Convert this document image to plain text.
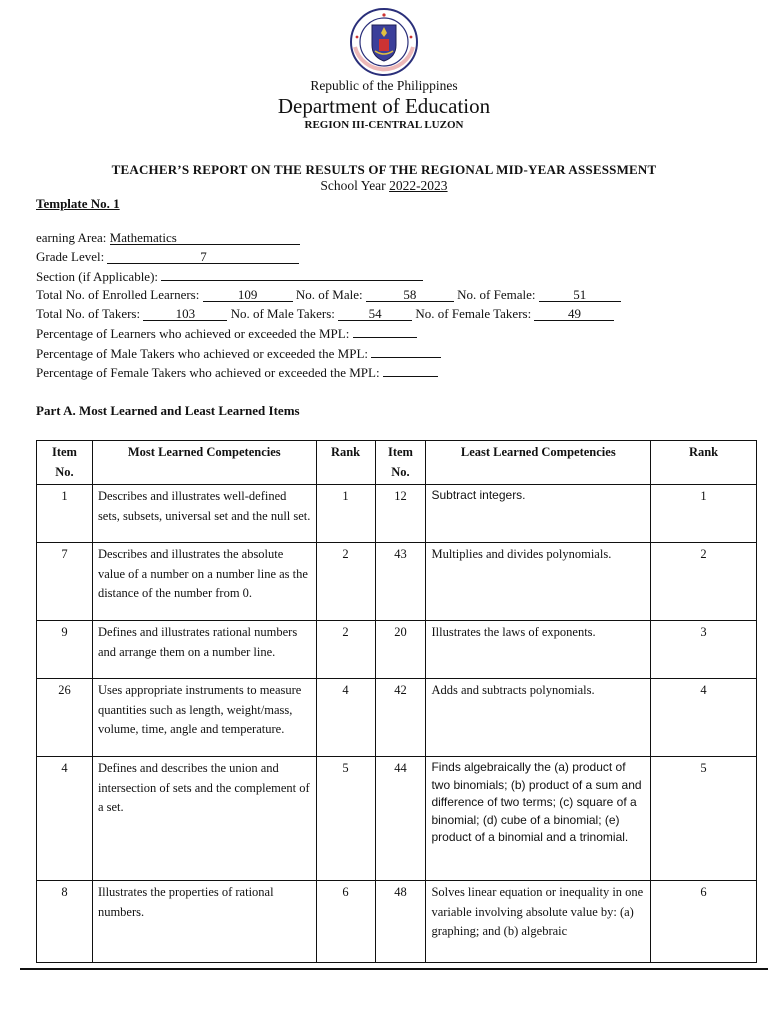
Republic of the Philippines
Department of Education
REGION III-CENTRAL LUZON
TEACHER’S REPORT ON THE RESULTS OF THE REGIONAL MID-YEAR ASSESSMENT
School Year 2022-2023
Template No. 1
earning Area: Mathematics
Grade Level:	7
Section (if Applicable):
Total No. of Enrolled Learners:	109	No. of Male:	58	No. of Female:	51
Total No. of Takers: 103 No. of Male Takers: 54 No. of Female Takers:	49
Percentage of Learners who achieved or exceeded the MPL:
Percentage of Male Takers who achieved or exceeded the MPL:
Percentage of Female Takers who achieved or exceeded the MPL:
Part A. Most Learned and Least Learned Items
Item No.	Most Learned Competencies	Rank	Item No.	Least Learned Competencies	Rank
1	Describes and illustrates well-defined sets, subsets, universal set and the null set.	1	12	Subtract integers.	1
7	Describes and illustrates the absolute value of a number on a number line as the distance of the number from 0.	2	43	Multiplies and divides polynomials.	2
9	Defines and illustrates rational numbers and arrange them on a number line.	2	20	Illustrates the laws of exponents.	3
26	Uses appropriate instruments to measure quantities such as length, weight/mass, volume, time, angle and temperature.	4	42	Adds and subtracts polynomials.	4
4	Defines and describes the union and intersection of sets and the complement of a set.	5	44	Finds algebraically the (a) product of two binomials; (b) product of a sum and difference of two terms; (c) square of a binomial; (d) cube of a binomial; (e) product of a binomial and a trinomial.	5
8	Illustrates the properties of rational numbers.	6	48	Solves linear equation or inequality in one variable involving absolute value by: (a) graphing; and (b) algebraic	6
